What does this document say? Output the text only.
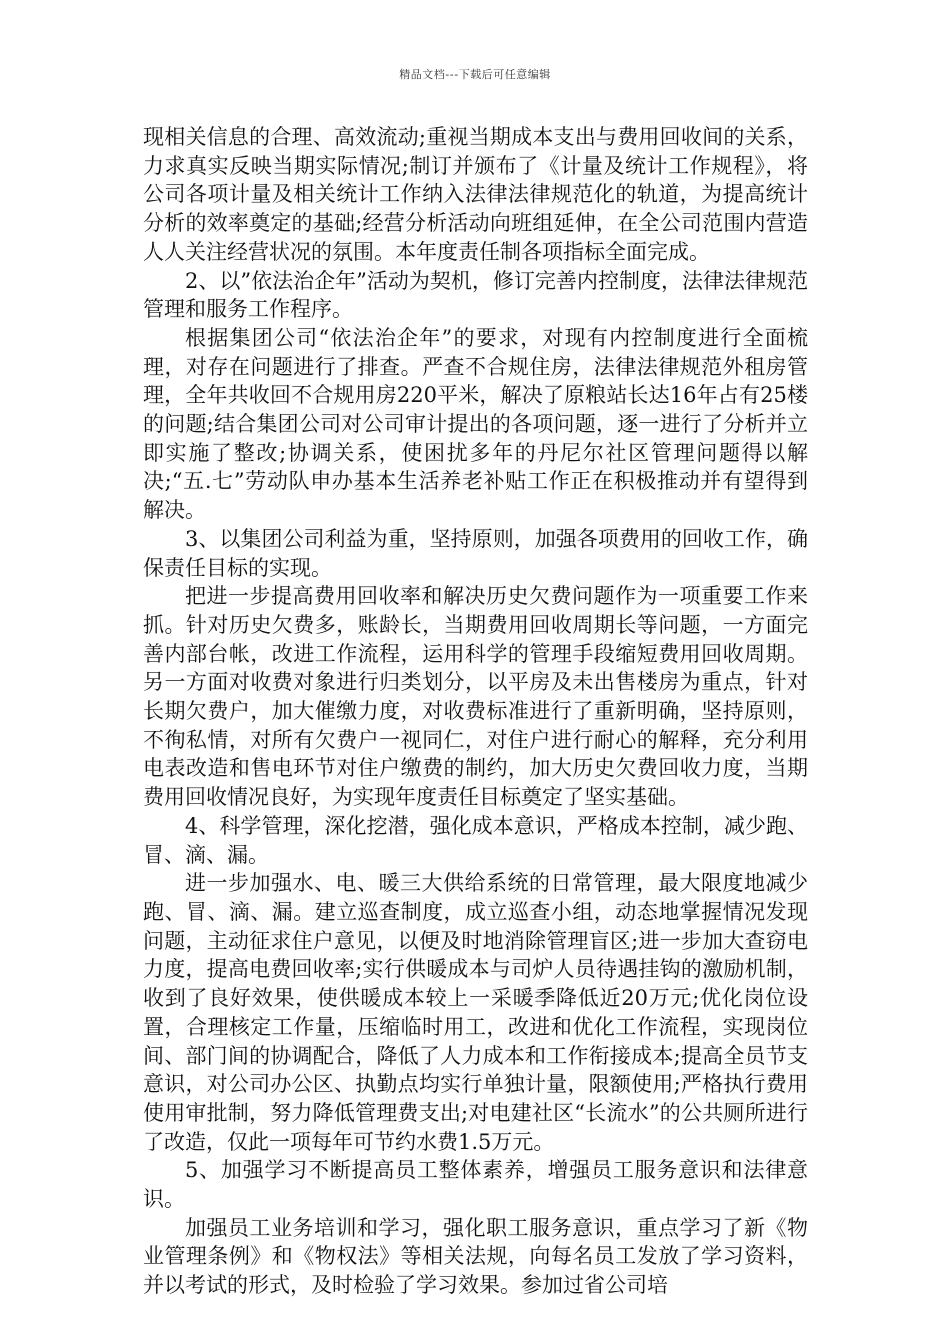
精品文档---下载后可任意编辑

现相关信息的合理、高效流动;重视当期成本支出与费用回收间的关系，力求真实反映当期实际情况;制订并颁布了《计量及统计工作规程》，将公司各项计量及相关统计工作纳入法律法律规范化的轨道，为提高统计分析的效率奠定的基础;经营分析活动向班组延伸，在全公司范围内营造人人关注经营状况的氛围。本年度责任制各项指标全面完成。

2、以”依法治企年”活动为契机，修订完善内控制度，法律法律规范管理和服务工作程序。

根据集团公司“依法治企年”的要求，对现有内控制度进行全面梳理，对存在问题进行了排查。严查不合规住房，法律法律规范外租房管理，全年共收回不合规用房220平米，解决了原粮站长达16年占有25楼的问题;结合集团公司对公司审计提出的各项问题，逐一进行了分析并立即实施了整改;协调关系，使困扰多年的丹尼尔社区管理问题得以解决;“五.七”劳动队申办基本生活养老补贴工作正在积极推动并有望得到解决。

3、以集团公司利益为重，坚持原则，加强各项费用的回收工作，确保责任目标的实现。

把进一步提高费用回收率和解决历史欠费问题作为一项重要工作来抓。针对历史欠费多，账龄长，当期费用回收周期长等问题，一方面完善内部台帐，改进工作流程，运用科学的管理手段缩短费用回收周期。另一方面对收费对象进行归类划分，以平房及未出售楼房为重点，针对长期欠费户，加大催缴力度，对收费标准进行了重新明确，坚持原则，不徇私情，对所有欠费户一视同仁，对住户进行耐心的解释，充分利用电表改造和售电环节对住户缴费的制约，加大历史欠费回收力度，当期费用回收情况良好，为实现年度责任目标奠定了坚实基础。

4、科学管理，深化挖潜，强化成本意识，严格成本控制，减少跑、冒、滴、漏。

进一步加强水、电、暖三大供给系统的日常管理，最大限度地减少跑、冒、滴、漏。建立巡查制度，成立巡查小组，动态地掌握情况发现问题，主动征求住户意见，以便及时地消除管理盲区;进一步加大查窃电力度，提高电费回收率;实行供暖成本与司炉人员待遇挂钩的激励机制，收到了良好效果，使供暖成本较上一采暖季降低近20万元;优化岗位设置，合理核定工作量，压缩临时用工，改进和优化工作流程，实现岗位间、部门间的协调配合，降低了人力成本和工作衔接成本;提高全员节支意识，对公司办公区、执勤点均实行单独计量，限额使用;严格执行费用使用审批制，努力降低管理费支出;对电建社区“长流水”的公共厕所进行了改造，仅此一项每年可节约水费1.5万元。

5、加强学习不断提高员工整体素养，增强员工服务意识和法律意识。

加强员工业务培训和学习，强化职工服务意识，重点学习了新《物业管理条例》和《物权法》等相关法规，向每名员工发放了学习资料，并以考试的形式，及时检验了学习效果。参加过省公司培
